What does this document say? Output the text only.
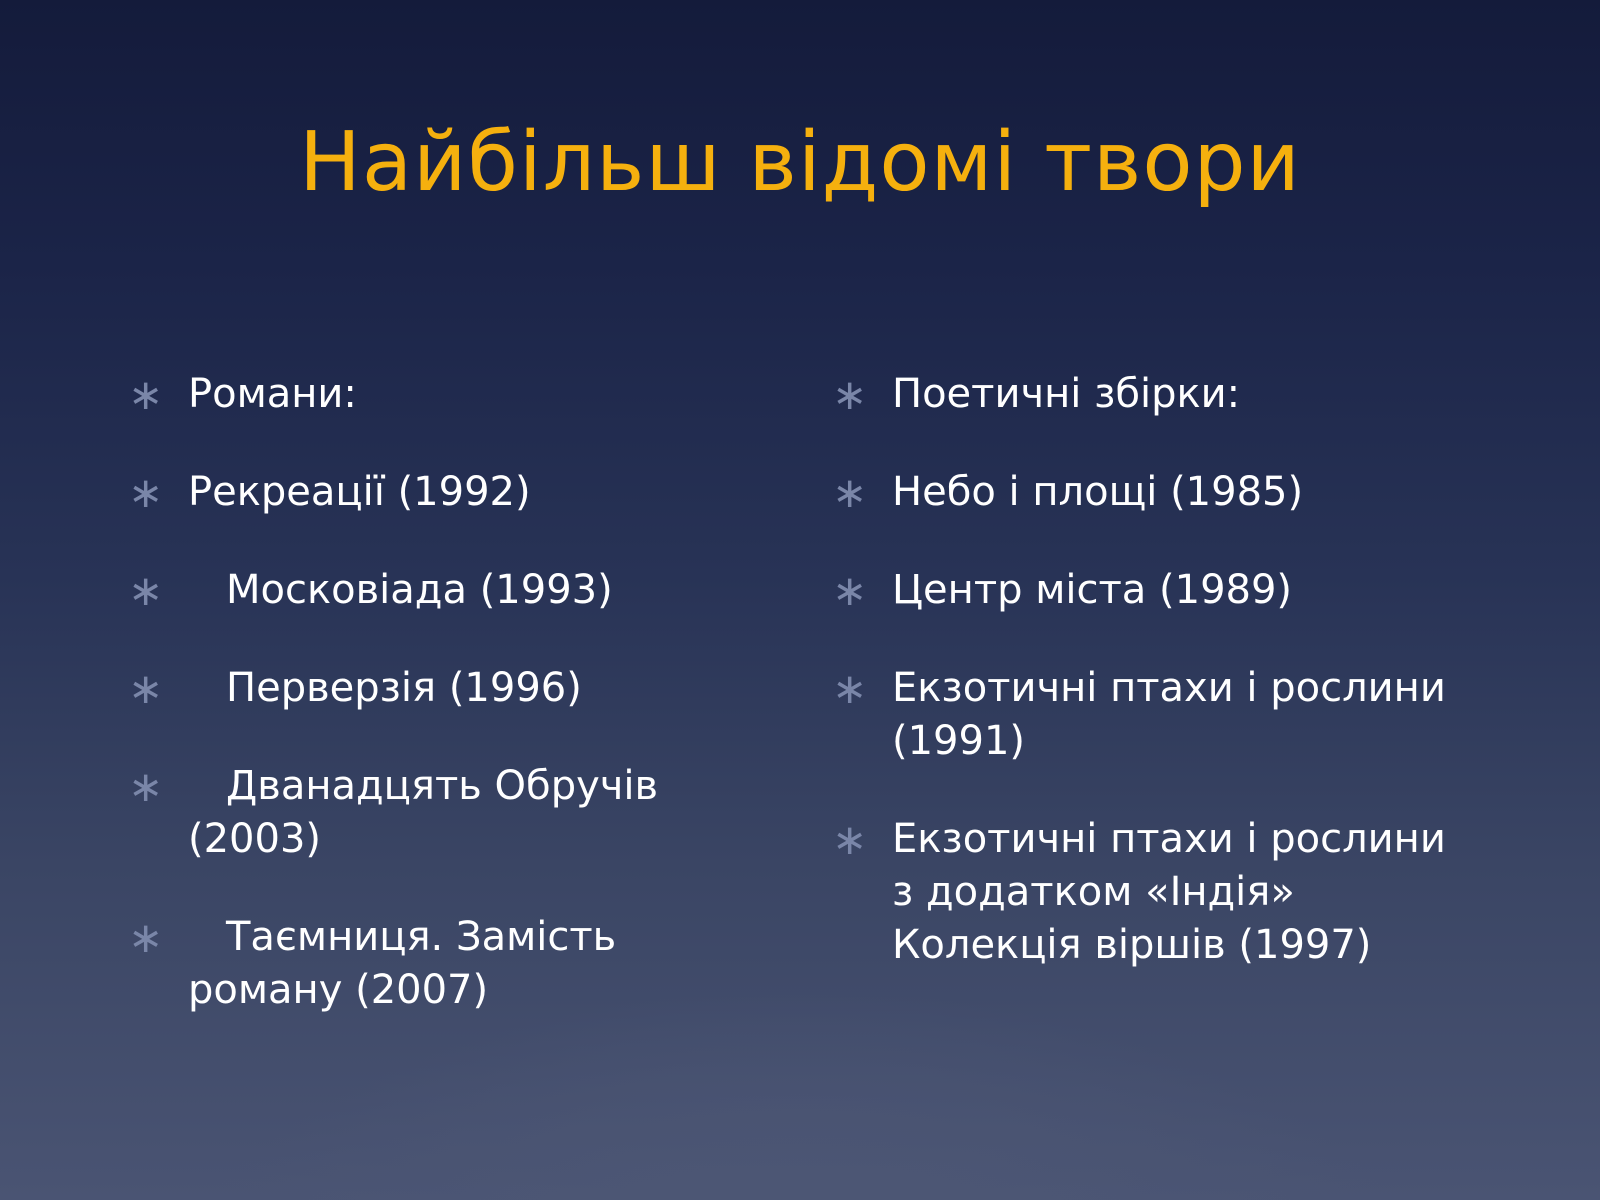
Найбільш відомі твори
∗ Романи:
∗ Рекреації (1992)
∗ Московіада (1993)
∗ Перверзія (1996)
∗ Дванадцять Обручів (2003)
∗ Таємниця. Замість роману (2007)
∗ Поетичні збірки:
∗ Небо і площі (1985)
∗ Центр міста (1989)
∗ Екзотичні птахи і рослини (1991)
∗ Екзотичні птахи і рослини з додатком «Індія» Колекція віршів (1997)
